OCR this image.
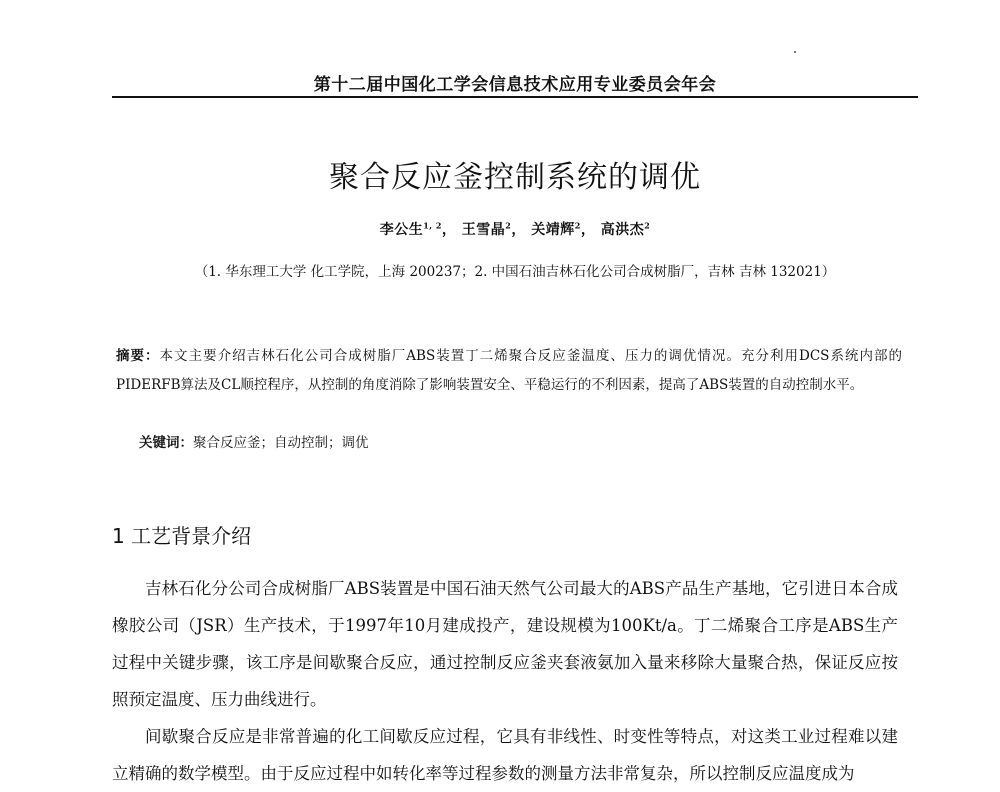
第十二届中国化工学会信息技术应用专业委员会年会
聚合反应釜控制系统的调优
李公生$^{1, 2}$， 王雪晶$^2$， 关靖辉$^2$， 高洪杰$^2$
（1. 华东理工大学 化工学院，上海 200237；2. 中国石油吉林石化公司合成树脂厂，吉林 吉林 132021）
摘要：本文主要介绍吉林石化公司合成树脂厂ABS装置丁二烯聚合反应釜温度、压力的调优情况。充分利用DCS系统内部的PIDERFB算法及CL顺控程序，从控制的角度消除了影响装置安全、平稳运行的不利因素，提高了ABS装置的自动控制水平。
关键词：聚合反应釜；自动控制；调优
1 工艺背景介绍

吉林石化分公司合成树脂厂ABS装置是中国石油天然气公司最大的ABS产品生产基地，它引进日本合成橡胶公司（JSR）生产技术，于1997年10月建成投产，建设规模为100Kt/a。丁二烯聚合工序是ABS生产过程中关键步骤，该工序是间歇聚合反应，通过控制反应釜夹套液氨加入量来移除大量聚合热，保证反应按照预定温度、压力曲线进行。

间歇聚合反应是非常普遍的化工间歇反应过程，它具有非线性、时变性等特点，对这类工业过程难以建立精确的数学模型。由于反应过程中如转化率等过程参数的测量方法非常复杂，所以控制反应温度成为
